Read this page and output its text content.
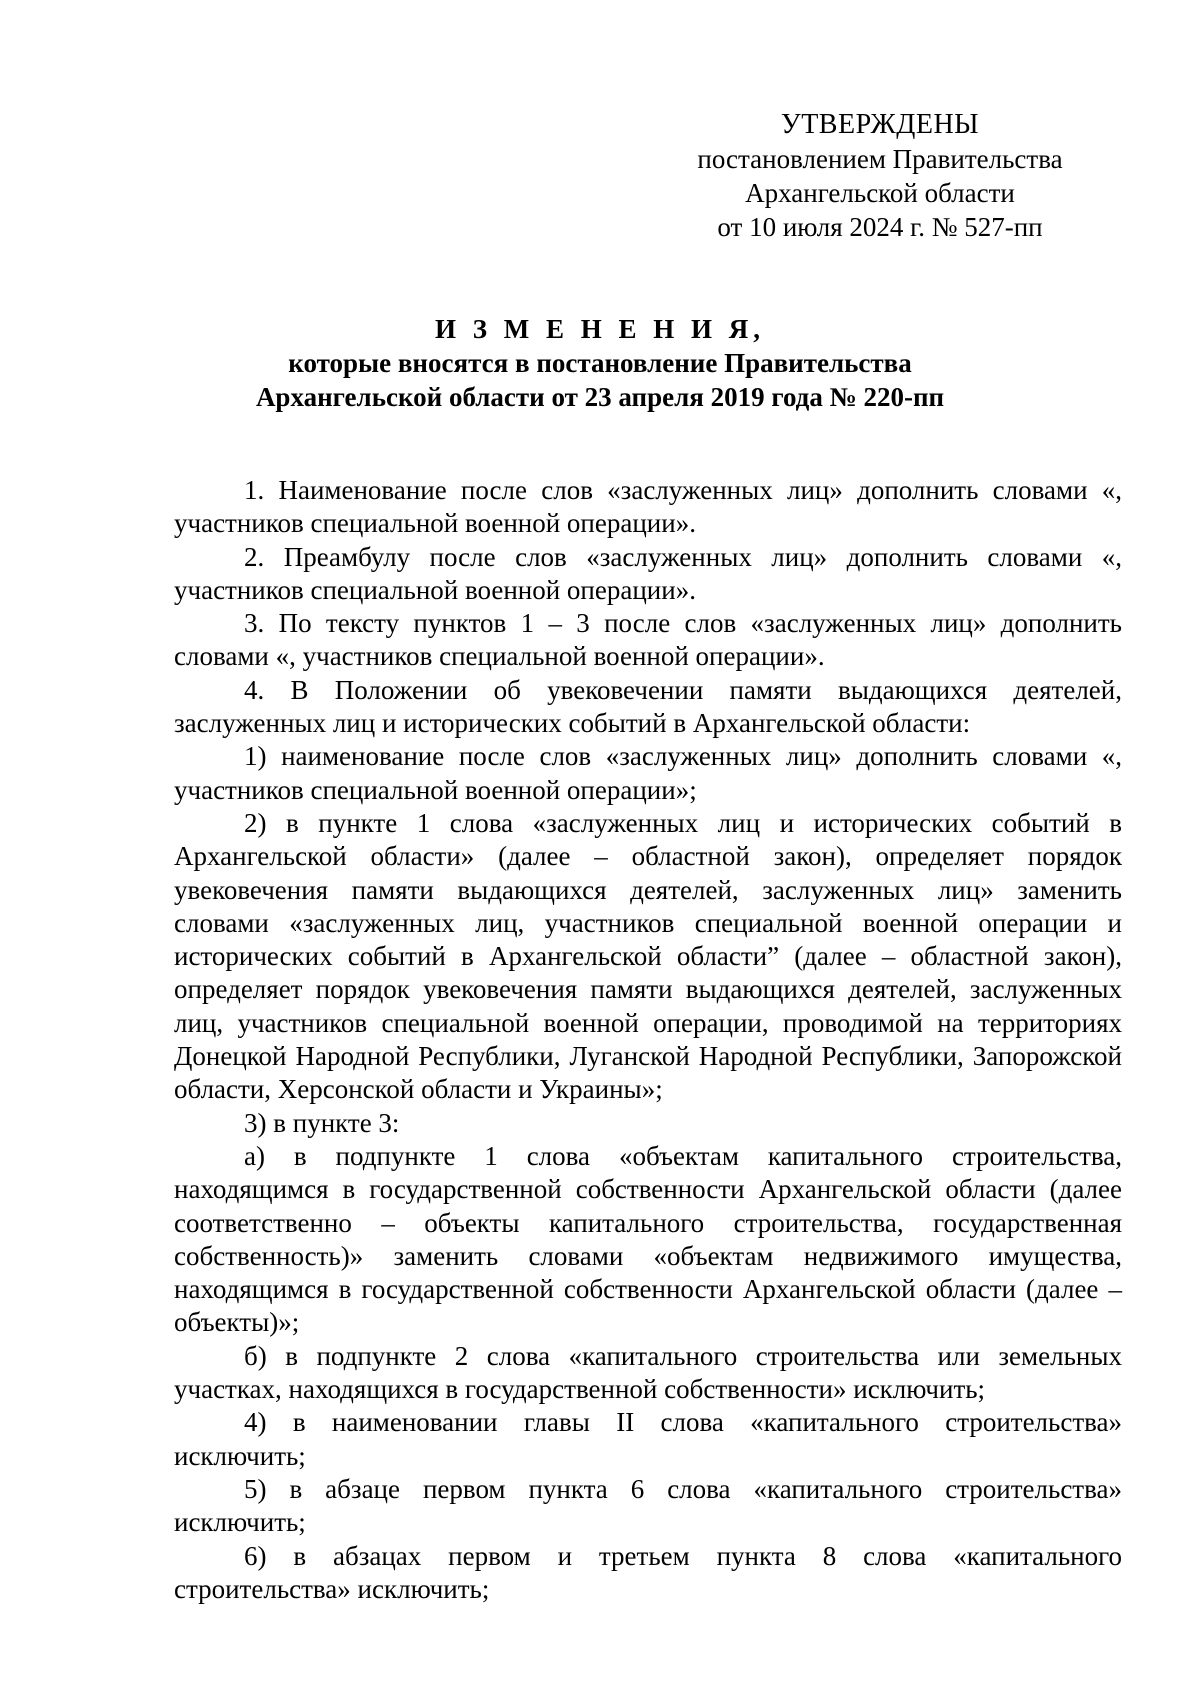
УТВЕРЖДЕНЫ
постановлением Правительства
Архангельской области
от 10 июля 2024 г. № 527-пп
И З М Е Н Е Н И Я,
которые вносятся в постановление Правительства
Архангельской области от 23 апреля 2019 года № 220-пп

1. Наименование после слов «заслуженных лиц» дополнить словами «, участников специальной военной операции».

2. Преамбулу после слов «заслуженных лиц» дополнить словами «, участников специальной военной операции».

3. По тексту пунктов 1 – 3 после слов «заслуженных лиц» дополнить словами «, участников специальной военной операции».

4. В Положении об увековечении памяти выдающихся деятелей, заслуженных лиц и исторических событий в Архангельской области:

1) наименование после слов «заслуженных лиц» дополнить словами «, участников специальной военной операции»;

2) в пункте 1 слова «заслуженных лиц и исторических событий в Архангельской области» (далее – областной закон), определяет порядок увековечения памяти выдающихся деятелей, заслуженных лиц» заменить словами «заслуженных лиц, участников специальной военной операции и исторических событий в Архангельской области” (далее – областной закон), определяет порядок увековечения памяти выдающихся деятелей, заслуженных лиц, участников специальной военной операции, проводимой на территориях Донецкой Народной Республики, Луганской Народной Республики, Запорожской области, Херсонской области и Украины»;

3) в пункте 3:

а) в подпункте 1 слова «объектам капитального строительства, находящимся в государственной собственности Архангельской области (далее соответственно – объекты капитального строительства, государственная собственность)» заменить словами «объектам недвижимого имущества, находящимся в государственной собственности Архангельской области (далее – объекты)»;

б) в подпункте 2 слова «капитального строительства или земельных участках, находящихся в государственной собственности» исключить;

4) в наименовании главы II слова «капитального строительства» исключить;

5) в абзаце первом пункта 6 слова «капитального строительства» исключить;

6) в абзацах первом и третьем пункта 8 слова «капитального строительства» исключить;
